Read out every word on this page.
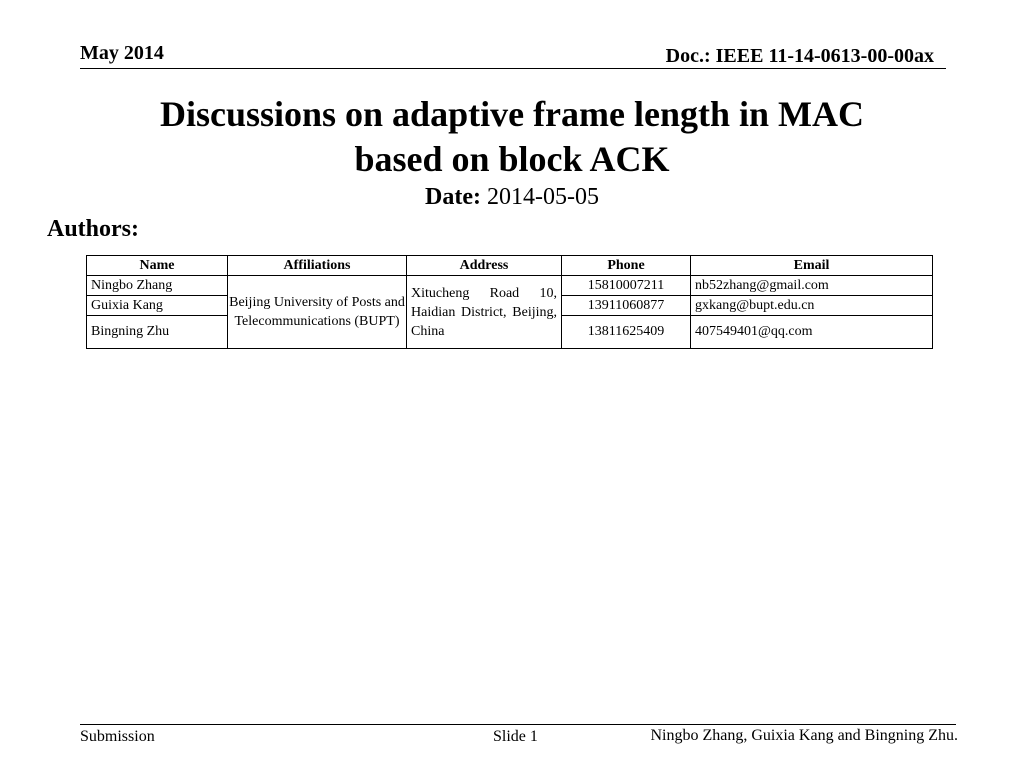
May 2014	Doc.: IEEE 11-14-0613-00-00ax
Discussions on adaptive frame length in MAC
based on block ACK
Date: 2014-05-05
Authors:
Name	Affiliations	Address	Phone	Email
Ningbo Zhang	Beijing University of Posts and Telecommunications (BUPT)	Xitucheng Road 10, Haidian District, Beijing, China	15810007211	nb52zhang@gmail.com
Guixia Kang			13911060877	gxkang@bupt.edu.cn
Bingning Zhu			13811625409	407549401@qq.com
Submission	Slide 1	Ningbo Zhang, Guixia Kang and Bingning Zhu.
